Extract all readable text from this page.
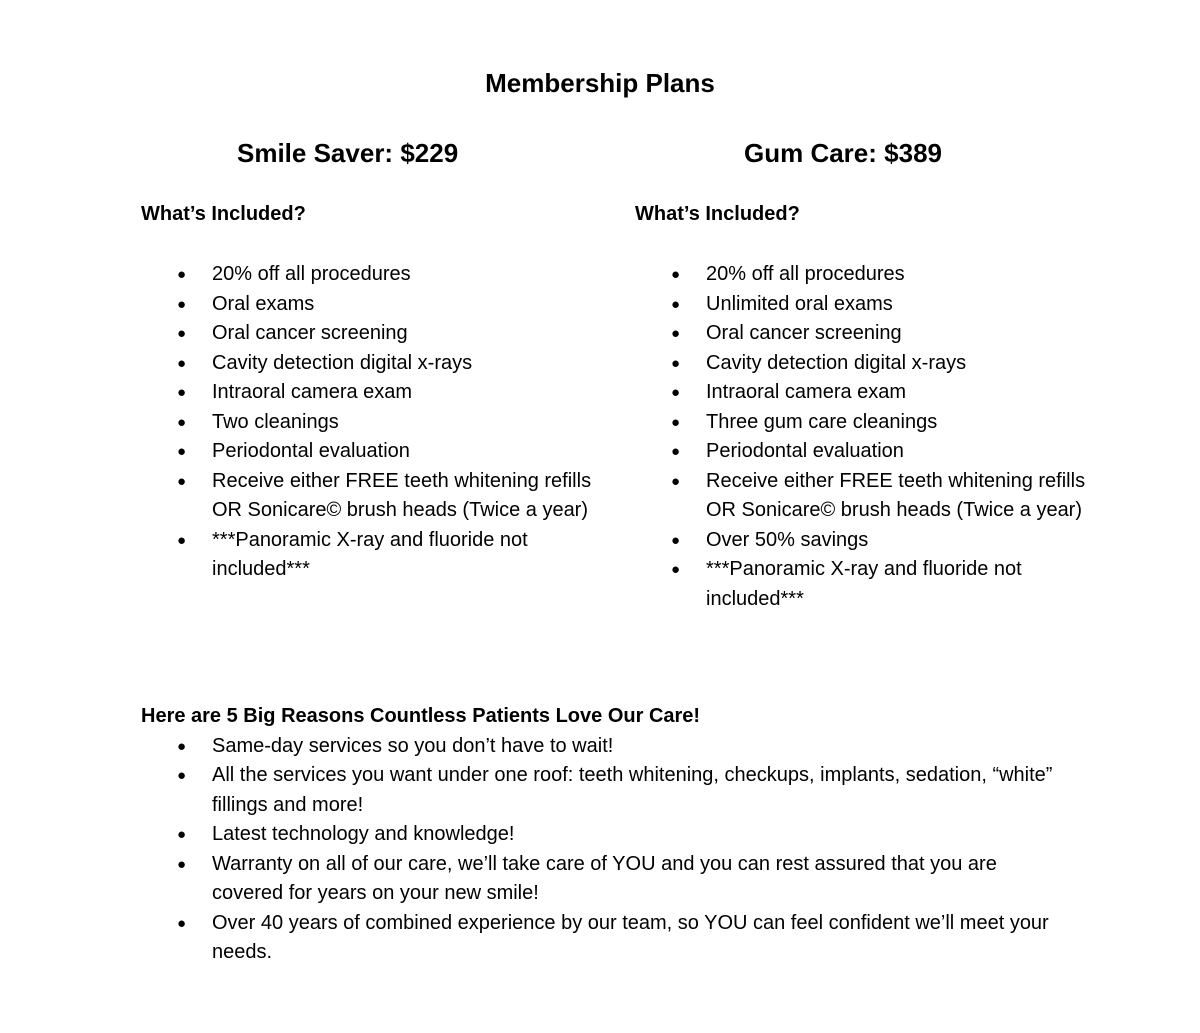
Membership Plans
Smile Saver: $229

What’s Included?

● 20% off all procedures
● Oral exams
● Oral cancer screening
● Cavity detection digital x-rays
● Intraoral camera exam
● Two cleanings
● Periodontal evaluation
● Receive either FREE teeth whitening refills OR Sonicare© brush heads (Twice a year)
● ***Panoramic X-ray and fluoride not included***
Gum Care: $389

What’s Included?

● 20% off all procedures
● Unlimited oral exams
● Oral cancer screening
● Cavity detection digital x-rays
● Intraoral camera exam
● Three gum care cleanings
● Periodontal evaluation
● Receive either FREE teeth whitening refills OR Sonicare© brush heads (Twice a year)
● Over 50% savings
● ***Panoramic X-ray and fluoride not included***

Here are 5 Big Reasons Countless Patients Love Our Care!

● Same-day services so you don’t have to wait!
● All the services you want under one roof: teeth whitening, checkups, implants, sedation, “white” fillings and more!
● Latest technology and knowledge!
● Warranty on all of our care, we’ll take care of YOU and you can rest assured that you are covered for years on your new smile!
● Over 40 years of combined experience by our team, so YOU can feel confident we’ll meet your needs.
